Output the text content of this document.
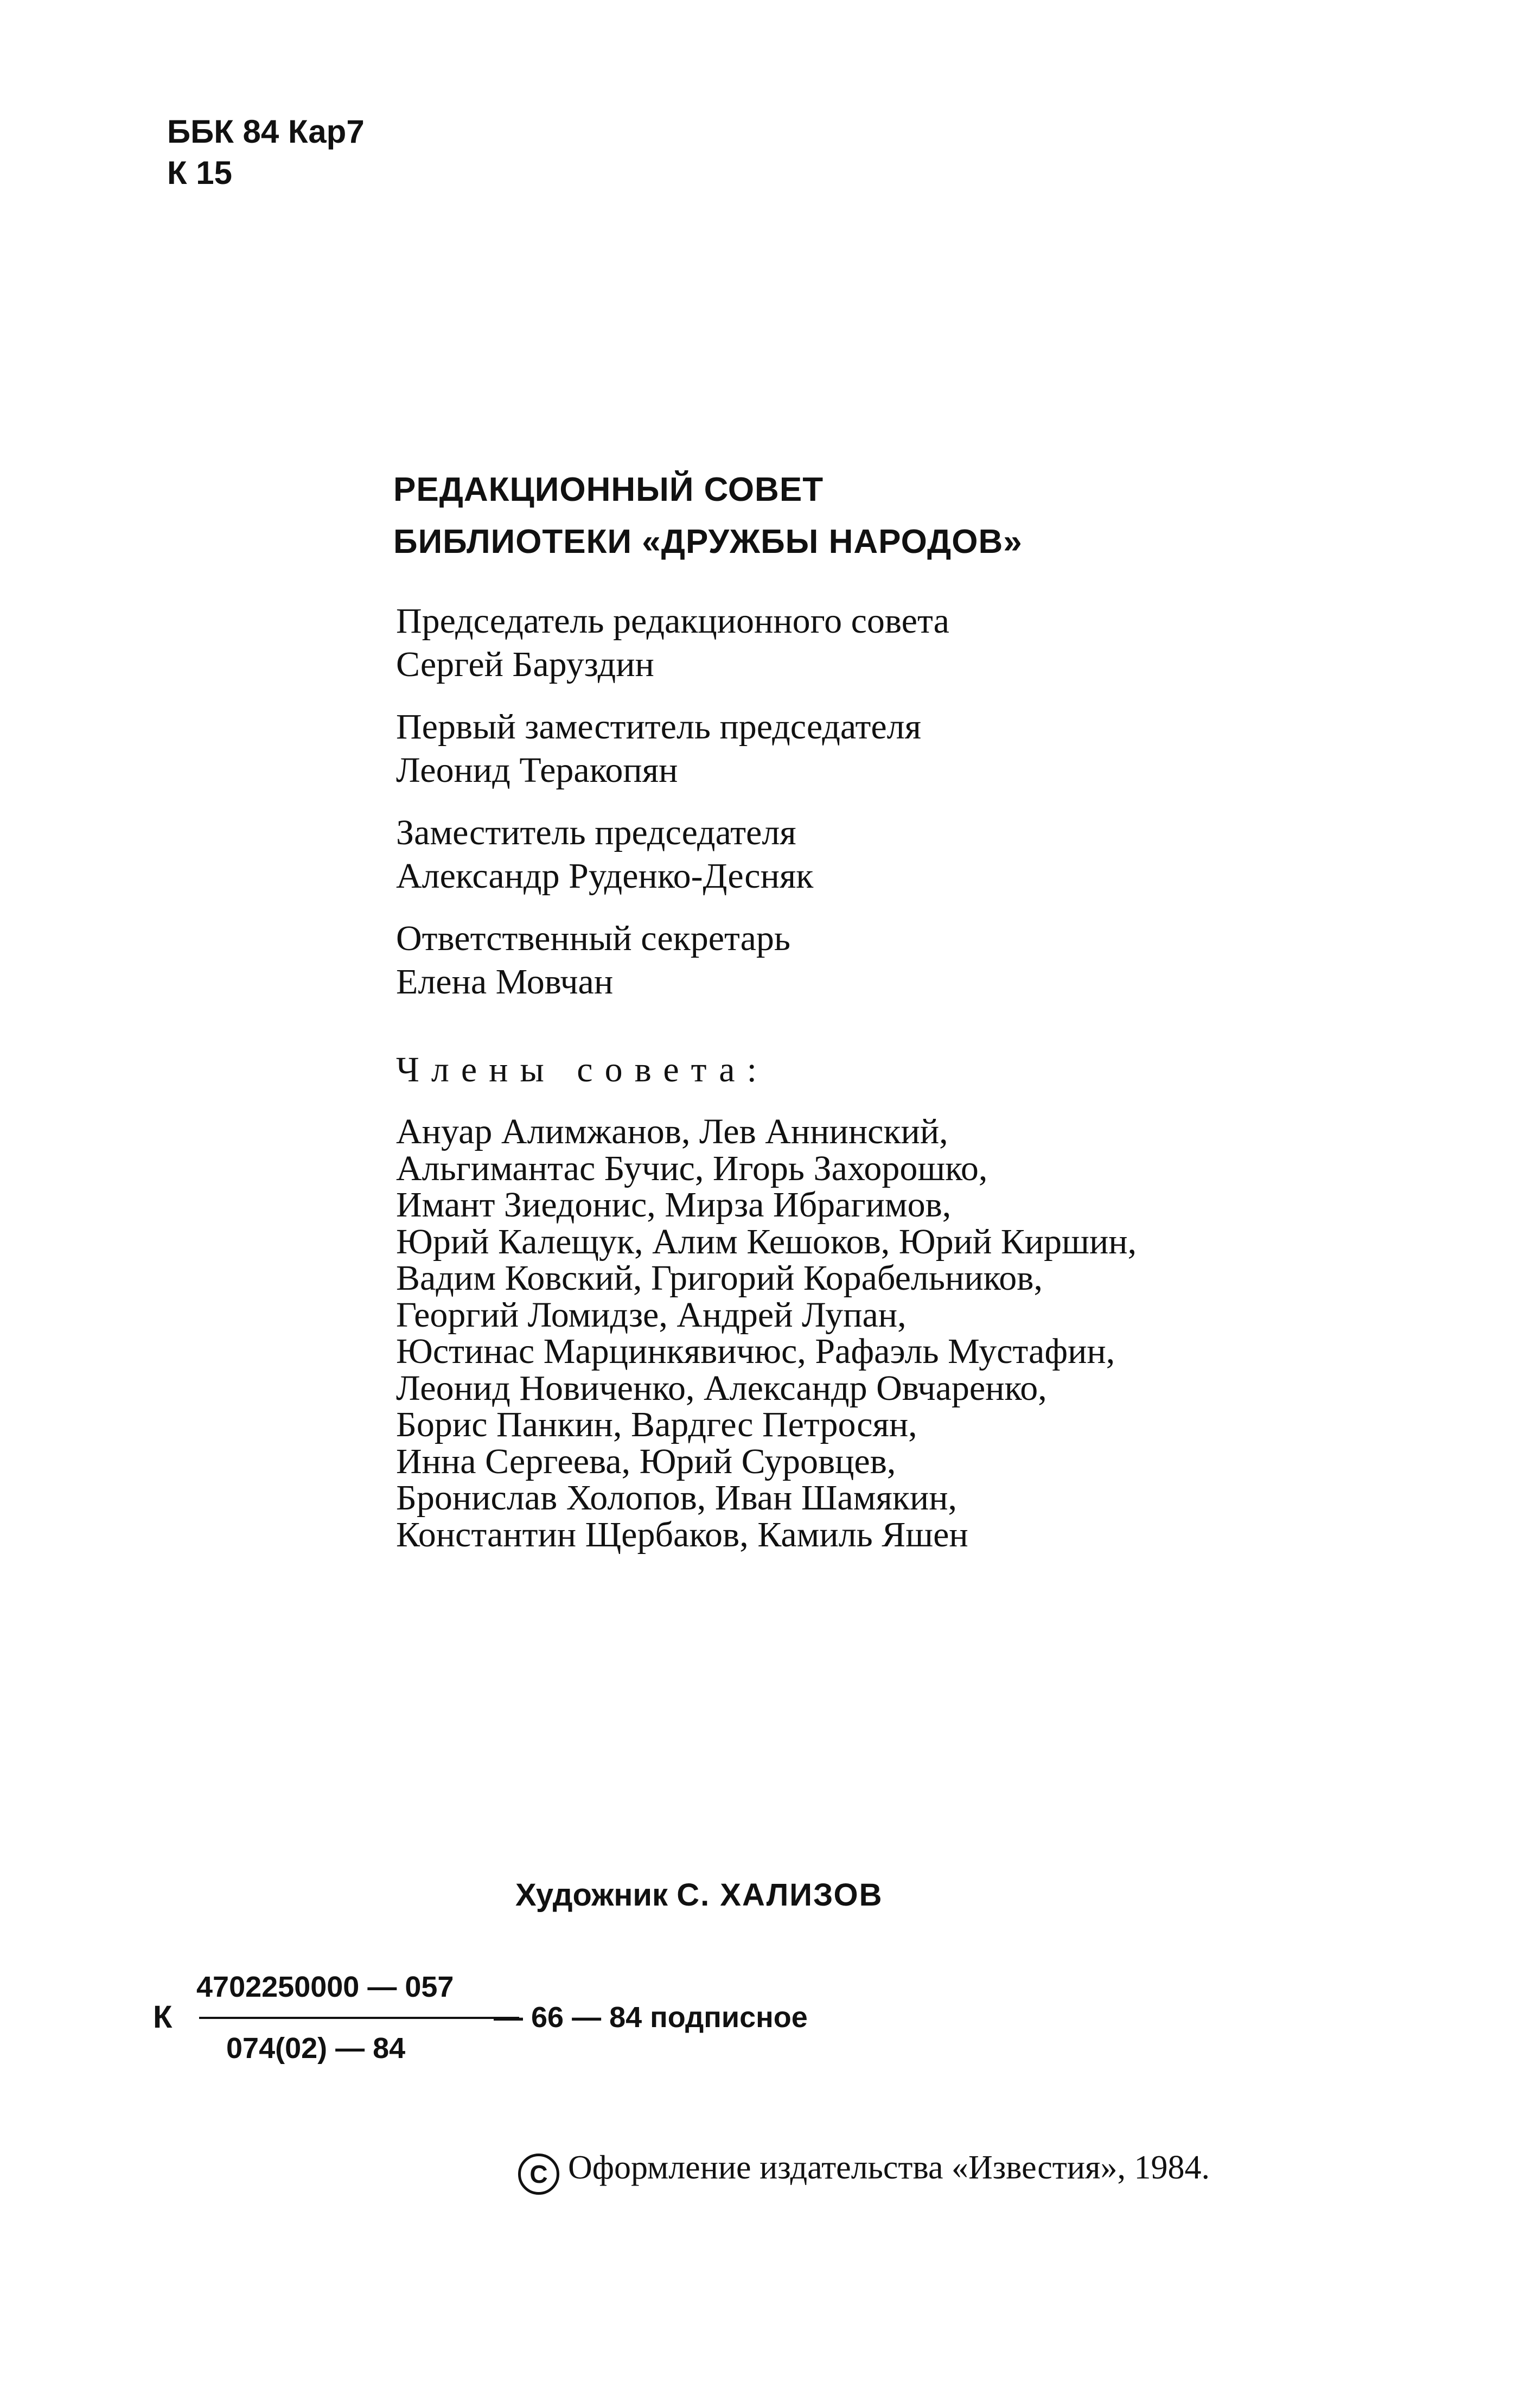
ББК 84 Кар7
К 15
РЕДАКЦИОННЫЙ СОВЕТ
БИБЛИОТЕКИ «ДРУЖБЫ НАРОДОВ»
Председатель редакционного совета
Сергей Баруздин
Первый заместитель председателя
Леонид Теракопян
Заместитель председателя
Александр Руденко-Десняк
Ответственный секретарь
Елена Мовчан
Члены совета:
Ануар Алимжанов, Лев Аннинский,
Альгимантас Бучис, Игорь Захорошко,
Имант Зиедонис, Мирза Ибрагимов,
Юрий Калещук, Алим Кешоков, Юрий Киршин,
Вадим Ковский, Григорий Корабельников,
Георгий Ломидзе, Андрей Лупан,
Юстинас Марцинкявичюс, Рафаэль Мустафин,
Леонид Новиченко, Александр Овчаренко,
Борис Панкин, Вардгес Петросян,
Инна Сергеева, Юрий Суровцев,
Бронислав Холопов, Иван Шамякин,
Константин Щербаков, Камиль Яшен
Художник С. ХАЛИЗОВ
К
4702250000 — 057
074(02) — 84
— 66 — 84 подписное
C Оформление издательства «Известия», 1984.
